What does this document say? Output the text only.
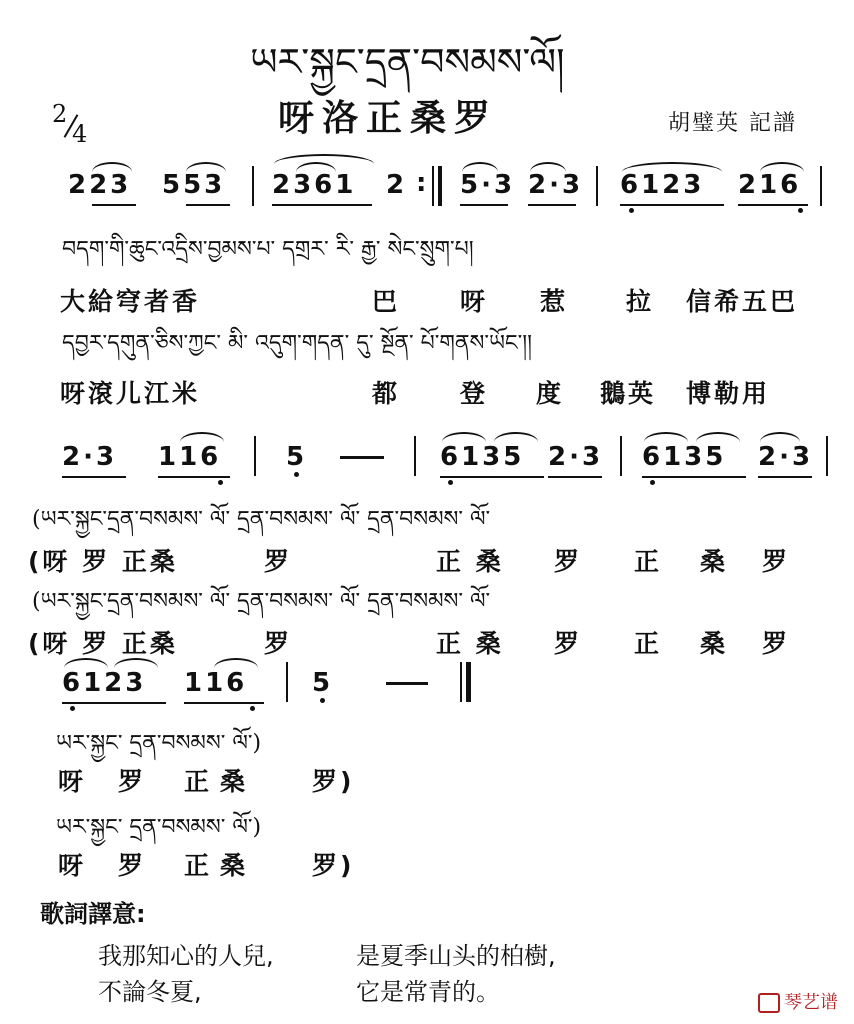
ཡར་སྐྱང་དྲན་བསམས་ལོ།
2
4	呀洛正桑罗	胡璧英 記譜
223 553 2361 2 : 5·3 2·3 6123 216
བདག་གི་ཆུང་འདྲིས་བྱམས་པ་ དགྲར་ རི་ རྒྱ་ སེང་སྲུག་པ།
大給穹者香	巴 呀 惹 拉 信希五巴
དབྱར་དགུན་ཅིས་ཀྱང་ མི་ འདུག་གདན་ དུ་ སྔོན་ པོ་གནས་ཡོང་།།
呀滾儿江米	都 登 度 鵝英 博勒用
2·3 116 5	6135 2·3 6135 2·3
(ཡར་སྐྱང་དྲན་བསམས་ ལོ་ དྲན་བསམས་ ལོ་ དྲན་བསམས་ ལོ་
(呀 罗 正桑	罗	正 桑 罗 正 桑 罗
(ཡར་སྐྱང་དྲན་བསམས་ ལོ་ དྲན་བསམས་ ལོ་ དྲན་བསམས་ ལོ་
(呀 罗 正桑	罗	正 桑 罗 正 桑 罗
6123 116 5
ཡར་སྐྱང་ དྲན་བསམས་ ལོ་)
呀 罗 正 桑	罗)
ཡར་སྐྱང་ དྲན་བསམས་ ལོ་)
呀 罗 正 桑	罗)
歌詞譯意:
我那知心的人兒,	是夏季山头的柏樹,
不論冬夏,	它是常青的。	琴艺谱
